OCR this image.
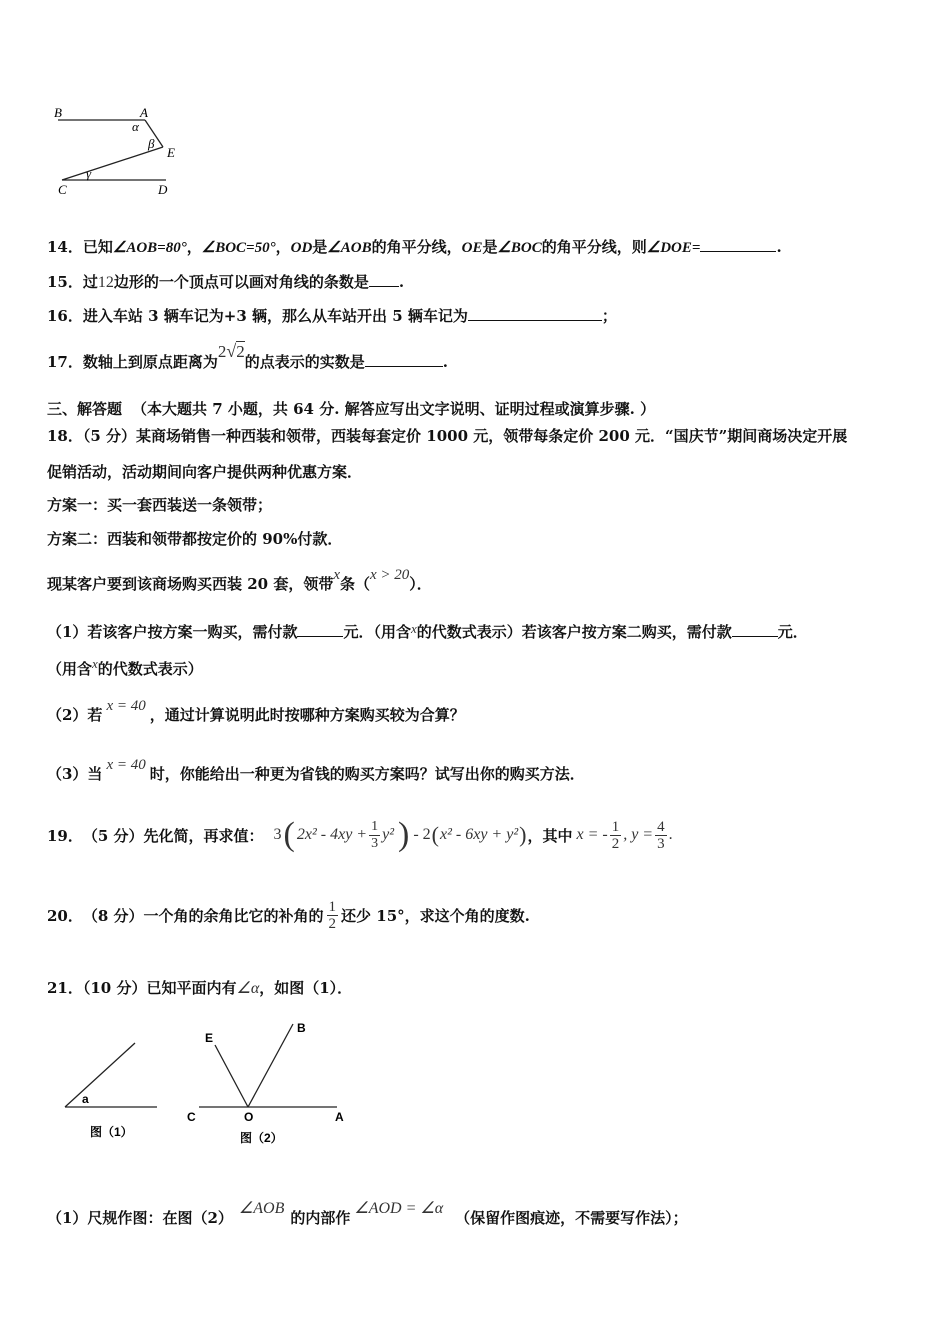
B	A
α
β
E
C
γ
D
14．已知∠AOB=80°，∠BOC=50°，OD是∠AOB的角平分线，OE是∠BOC的角平分线，则∠DOE=	.
15．过12边形的一个顶点可以画对角线的条数是 .
16．进入车站 3 辆车记为+3 辆，那么从车站开出 5 辆车记为	；
17．数轴上到原点距离为2√2的点表示的实数是	.
三、解答题 （本大题共 7 小题，共 64 分. 解答应写出文字说明、证明过程或演算步骤. ）
18．（5 分）某商场销售一种西装和领带，西装每套定价 1000 元，领带每条定价 200 元．“国庆节”期间商场决定开展
促销活动，活动期间向客户提供两种优惠方案．
方案一：买一套西装送一条领带；
方案二：西装和领带都按定价的 90%付款．
现某客户要到该商场购买西装 20 套，领带x条（x > 20）．
（1）若该客户按方案一购买，需付款	元．（用含x的代数式表示）若该客户按方案二购买，需付款	元．
（用含x的代数式表示）
（2）若 x = 40 ，通过计算说明此时按哪种方案购买较为合算？
（3）当 x = 40 时，你能给出一种更为省钱的购买方案吗？试写出你的购买方法．
19． （5 分）先化简，再求值： 3 ( $2x^2 - 4xy + \frac{1}{3} y^2$ ) - 2 ( x² - 6xy + y² ) ，其中 x = - $\frac{1}{2}$ , $y = \frac{4}{3}$ .
20． （8 分）一个角的余角比它的补角的 $\frac{1}{2}$ 还少 15°，求这个角的度数.
21．（10 分）已知平面内有∠α，如图（1）．
a
图（1）
E
B
C	O	A
图（2）
（1）尺规作图：在图（2）∠AOB的内部作∠AOD = ∠α（保留作图痕迹，不需要写作法）；
